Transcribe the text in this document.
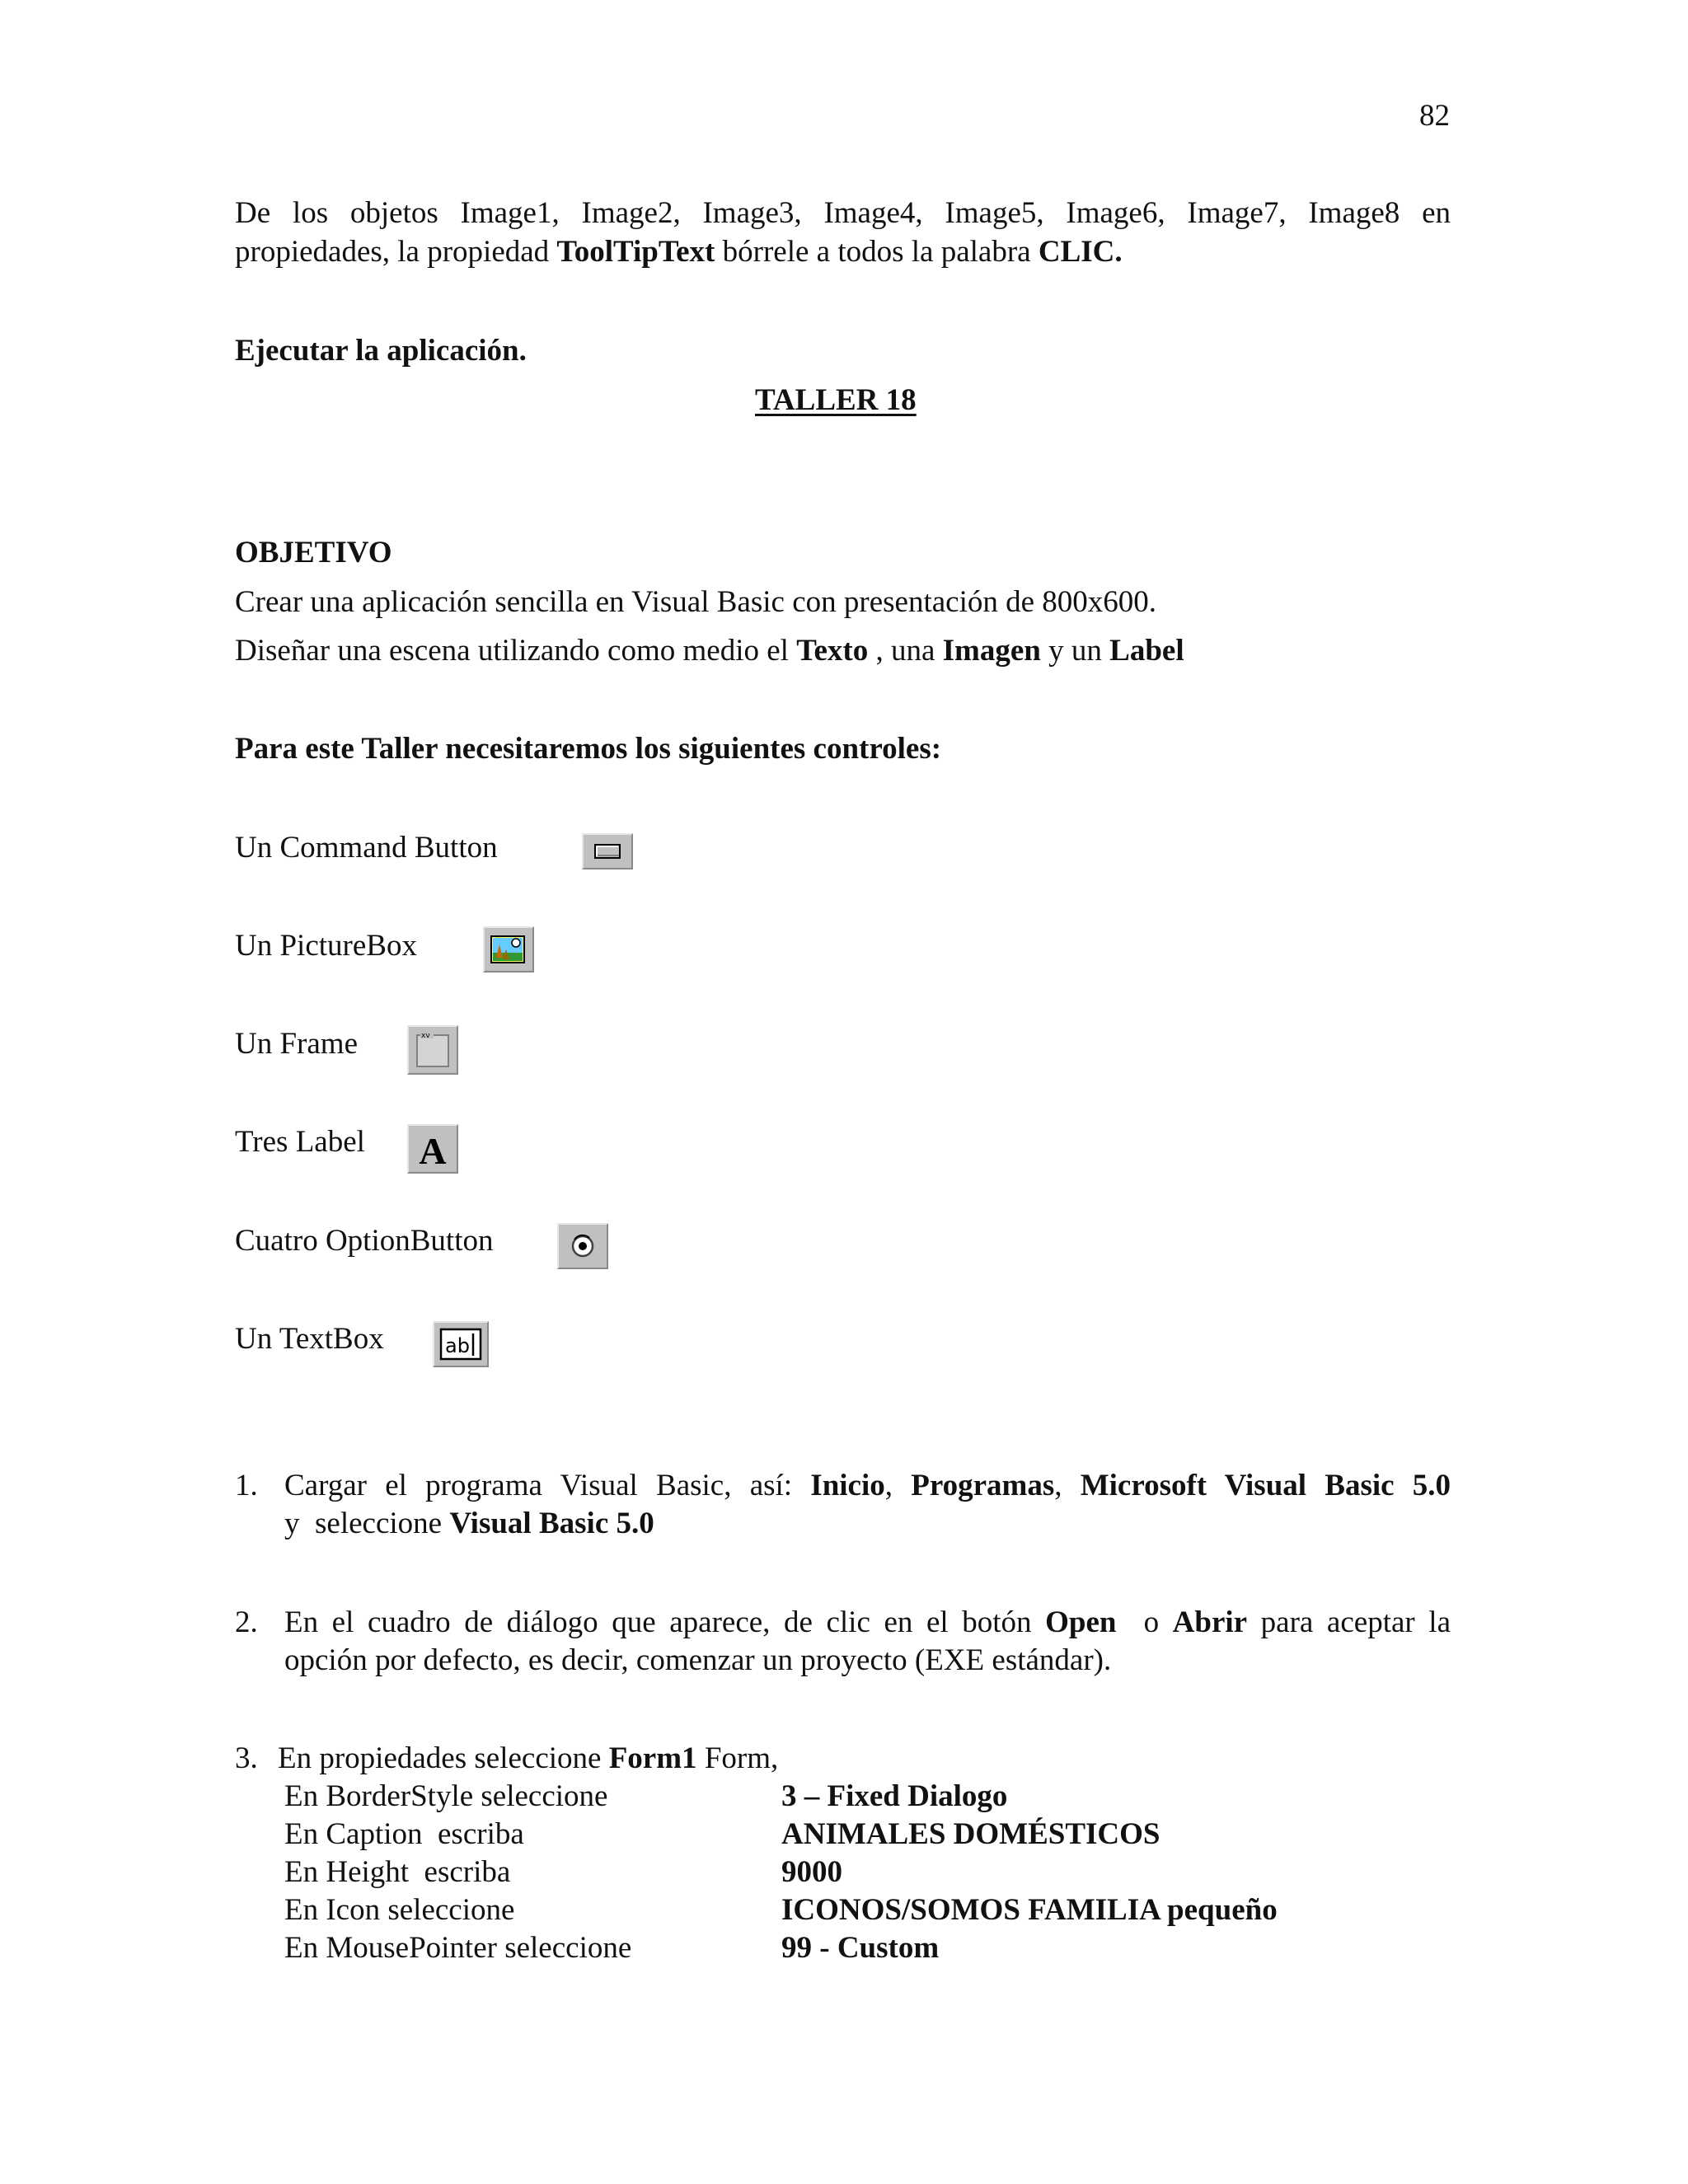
82
De los objetos Image1, Image2, Image3, Image4, Image5, Image6, Image7, Image8 en
propiedades, la propiedad ToolTipText bórrele a todos la palabra CLIC.
Ejecutar la aplicación.
TALLER 18
OBJETIVO
Crear una aplicación sencilla en Visual Basic con presentación de 800x600.
Diseñar una escena utilizando como medio el Texto , una Imagen y un Label
Para este Taller necesitaremos los siguientes controles:
Un Command Button
Un PictureBox
Un Frame	xv
Tres Label A
Cuatro OptionButton
Un TextBox	ab
1. Cargar el programa Visual Basic, así: Inicio, Programas, Microsoft Visual Basic 5.0
y  seleccione Visual Basic 5.0
2. En el cuadro de diálogo que aparece, de clic en el botón Open  o Abrir para aceptar la
opción por defecto, es decir, comenzar un proyecto (EXE estándar).
3. En propiedades seleccione Form1 Form,
En BorderStyle seleccione	3 – Fixed Dialogo
En Caption  escriba	ANIMALES DOMÉSTICOS
En Height  escriba	9000
En Icon seleccione	ICONOS/SOMOS FAMILIA pequeño
En MousePointer seleccione	99 - Custom
